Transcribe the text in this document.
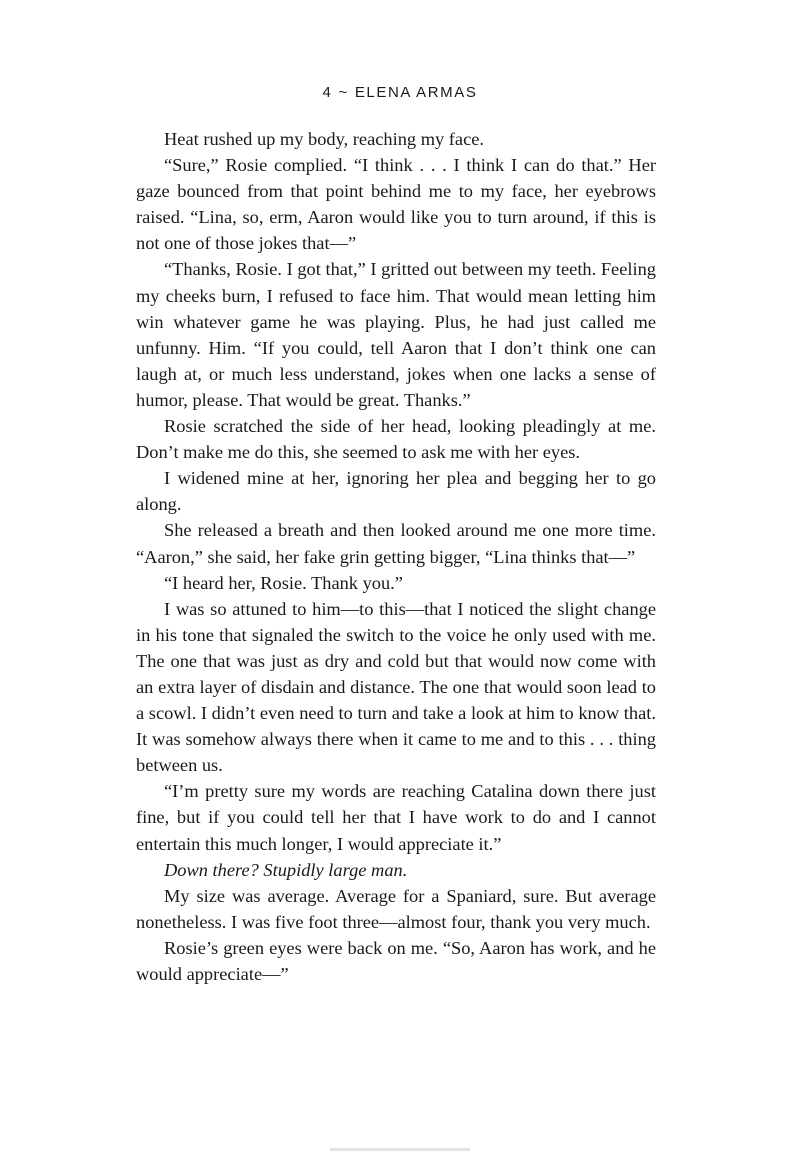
4 ~ ELENA ARMAS

Heat rushed up my body, reaching my face.

“Sure,” Rosie complied. “I think . . . I think I can do that.” Her gaze bounced from that point behind me to my face, her eyebrows raised. “Lina, so, erm, Aaron would like you to turn around, if this is not one of those jokes that—”

“Thanks, Rosie. I got that,” I gritted out between my teeth. Feeling my cheeks burn, I refused to face him. That would mean letting him win whatever game he was playing. Plus, he had just called me unfunny. Him. “If you could, tell Aaron that I don’t think one can laugh at, or much less understand, jokes when one lacks a sense of humor, please. That would be great. Thanks.”

Rosie scratched the side of her head, looking pleadingly at me. Don’t make me do this, she seemed to ask me with her eyes.

I widened mine at her, ignoring her plea and begging her to go along.

She released a breath and then looked around me one more time. “Aaron,” she said, her fake grin getting bigger, “Lina thinks that—”

“I heard her, Rosie. Thank you.”

I was so attuned to him—to this—that I noticed the slight change in his tone that signaled the switch to the voice he only used with me. The one that was just as dry and cold but that would now come with an extra layer of disdain and distance. The one that would soon lead to a scowl. I didn’t even need to turn and take a look at him to know that. It was somehow always there when it came to me and to this . . . thing between us.

“I’m pretty sure my words are reaching Catalina down there just fine, but if you could tell her that I have work to do and I cannot entertain this much longer, I would appreciate it.”

Down there? Stupidly large man.

My size was average. Average for a Spaniard, sure. But average nonetheless. I was five foot three—almost four, thank you very much.

Rosie’s green eyes were back on me. “So, Aaron has work, and he would appreciate—”
